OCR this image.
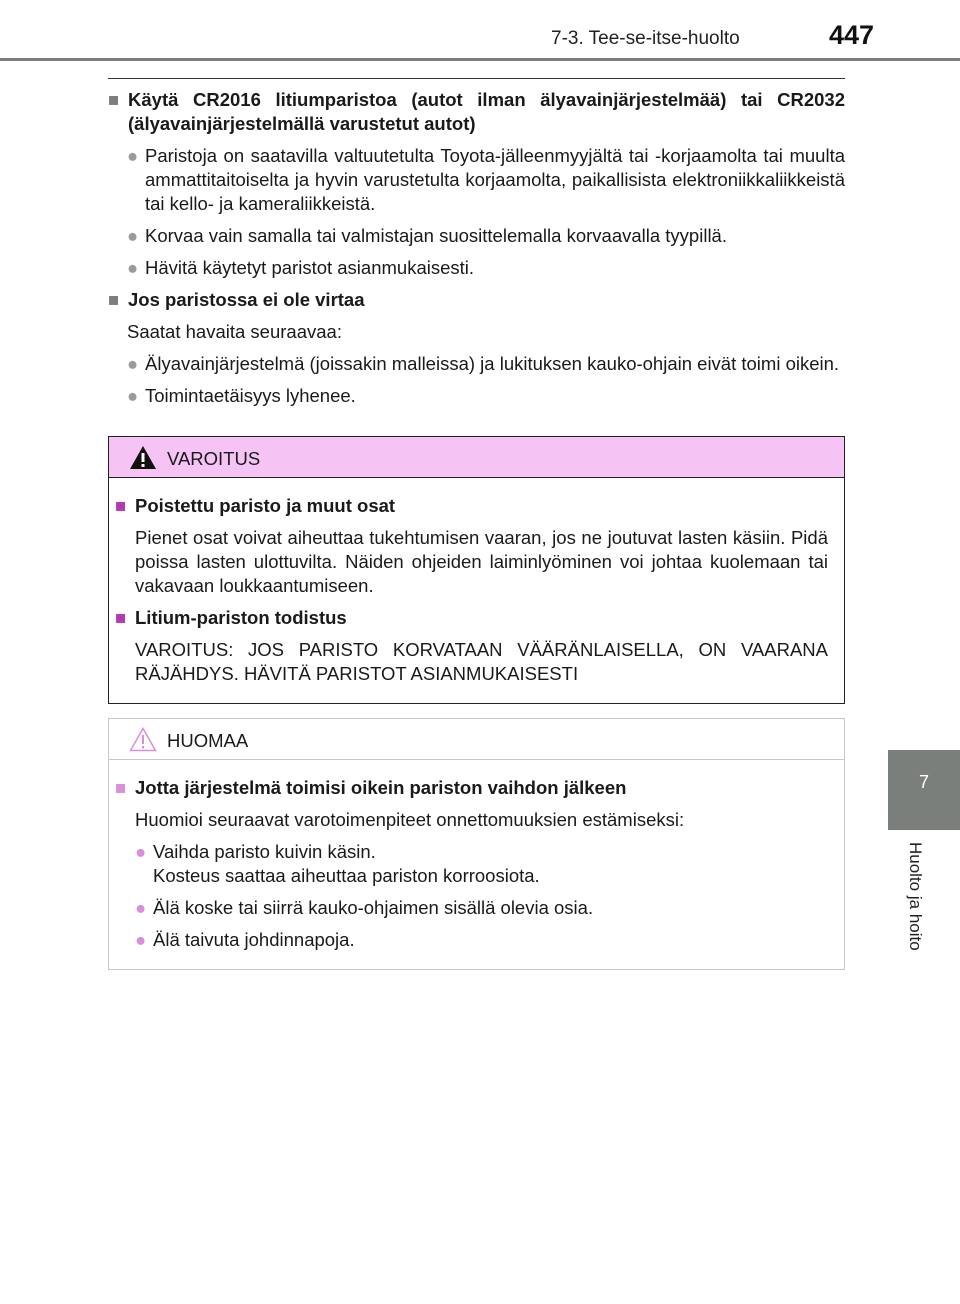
7-3. Tee-se-itse-huolto	447
7
Huolto ja hoito
■ Käytä CR2016 litiumparistoa (autot ilman älyavainjärjestelmää) tai CR2032 (älyavainjärjestelmällä varustetut autot)
● Paristoja on saatavilla valtuutetulta Toyota-jälleenmyyjältä tai -korjaamolta tai muulta ammattitaitoiselta ja hyvin varustetulta korjaamolta, paikallisista elektroniikkaliikkeistä tai kello- ja kameraliikkeistä.
● Korvaa vain samalla tai valmistajan suosittelemalla korvaavalla tyypillä.
● Hävitä käytetyt paristot asianmukaisesti.
■ Jos paristossa ei ole virtaa
Saatat havaita seuraavaa:
● Älyavainjärjestelmä (joissakin malleissa) ja lukituksen kauko-ohjain eivät toimi oikein.
● Toimintaetäisyys lyhenee.
VAROITUS
■ Poistettu paristo ja muut osat
Pienet osat voivat aiheuttaa tukehtumisen vaaran, jos ne joutuvat lasten käsiin. Pidä poissa lasten ulottuvilta. Näiden ohjeiden laiminlyöminen voi johtaa kuolemaan tai vakavaan loukkaantumiseen.
■ Litium-pariston todistus
VAROITUS: JOS PARISTO KORVATAAN VÄÄRÄNLAISELLA, ON VAARANA RÄJÄHDYS. HÄVITÄ PARISTOT ASIANMUKAISESTI
HUOMAA
■ Jotta järjestelmä toimisi oikein pariston vaihdon jälkeen
Huomioi seuraavat varotoimenpiteet onnettomuuksien estämiseksi:
● Vaihda paristo kuivin käsin.
Kosteus saattaa aiheuttaa pariston korroosiota.
● Älä koske tai siirrä kauko-ohjaimen sisällä olevia osia.
● Älä taivuta johdinnapoja.
